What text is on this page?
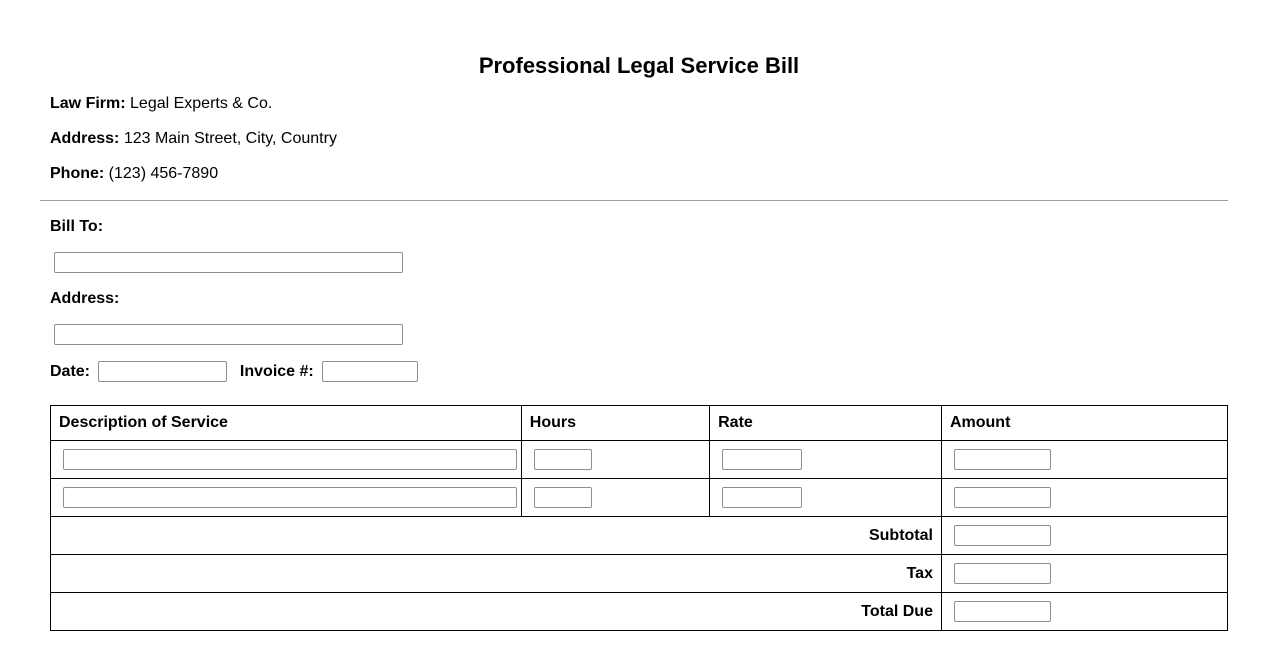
Professional Legal Service Bill

Law Firm: Legal Experts & Co.

Address: 123 Main Street, City, Country

Phone: (123) 456-7890

Bill To:

Address:

Date:	Invoice #:

Description of Service	Hours	Rate	Amount

Subtotal	
Tax	
Total Due	
